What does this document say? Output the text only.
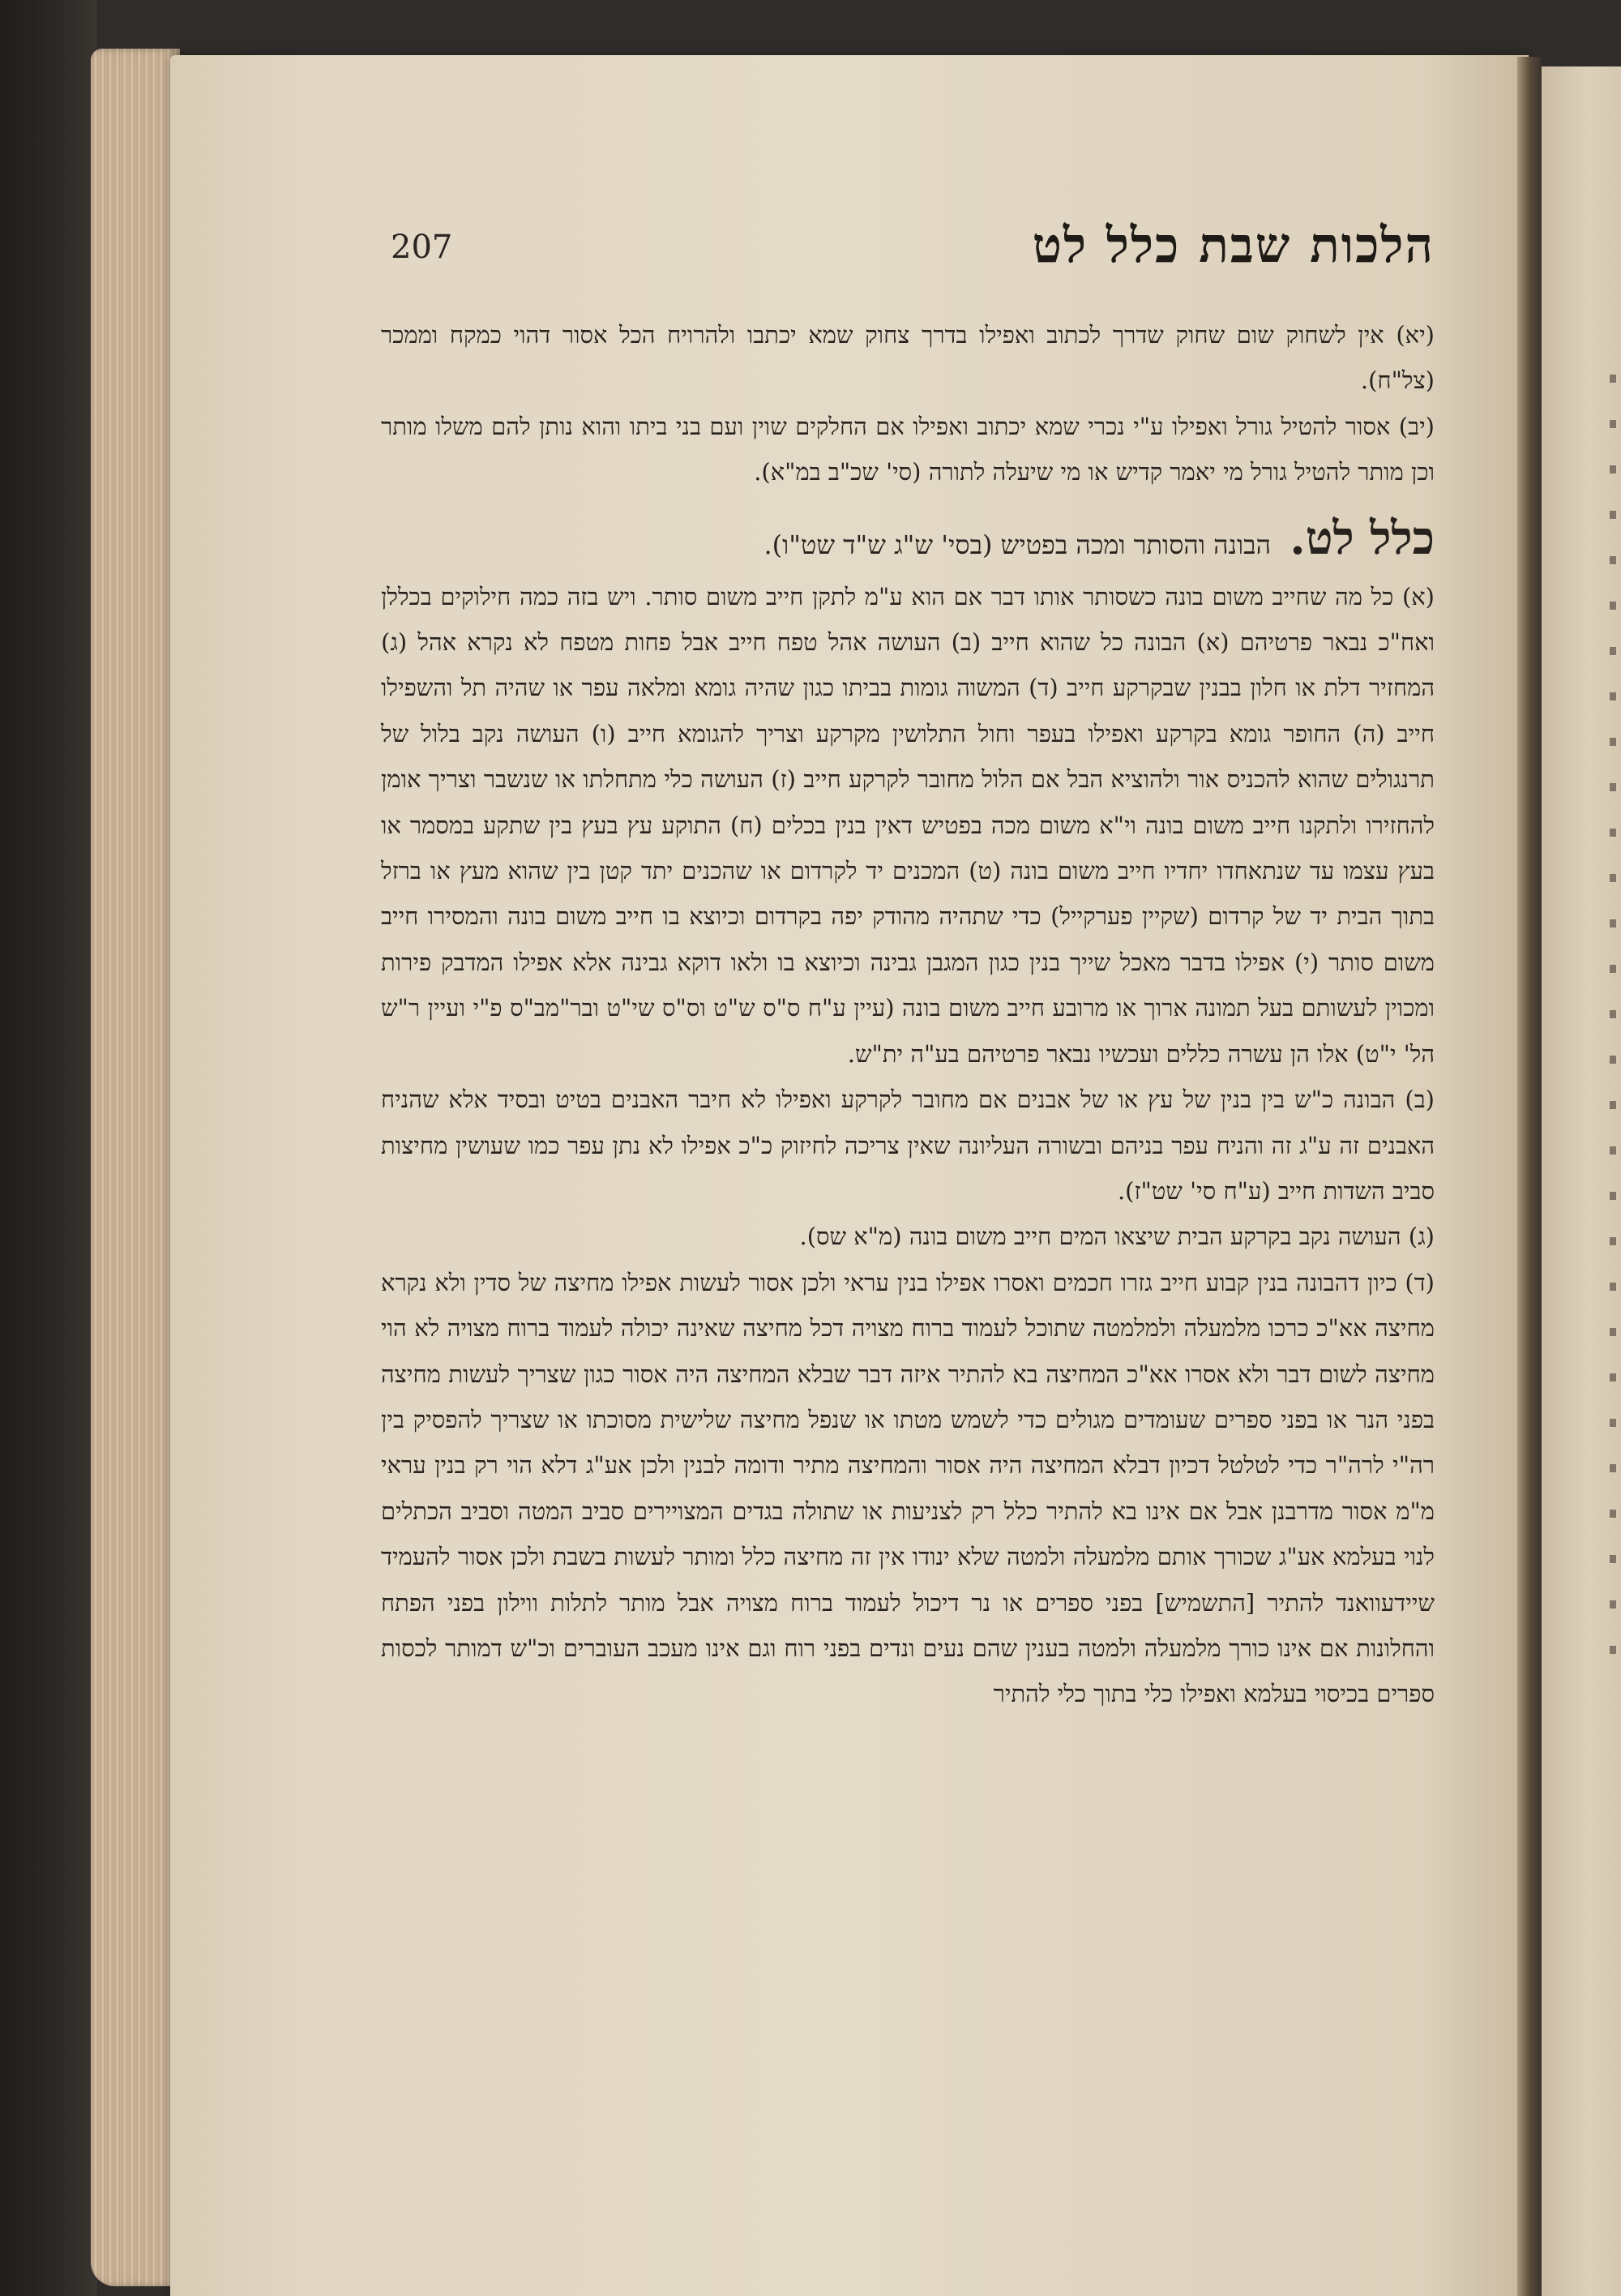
207	הלכות שבת כלל לט

(יא) אין לשחוק שום שחוק שדרך לכתוב ואפילו בדרך צחוק שמא יכתבו ולהרויח הכל אסור דהוי כמקח וממכר (צל"ח).

(יב) אסור להטיל גורל ואפילו ע"י נכרי שמא יכתוב ואפילו אם החלקים שוין ועם בני ביתו והוא נותן להם משלו מותר וכן מותר להטיל גורל מי יאמר קדיש או מי שיעלה לתורה (סי' שכ"ב במ"א).

כלל לט. הבונה והסותר ומכה בפטיש (בסי' ש"ג ש"ד שט"ו).

(א) כל מה שחייב משום בונה כשסותר אותו דבר אם הוא ע"מ לתקן חייב משום סותר. ויש בזה כמה חילוקים בכללן ואח"כ נבאר פרטיהם (א) הבונה כל שהוא חייב (ב) העושה אהל טפח חייב אבל פחות מטפח לא נקרא אהל (ג) המחזיר דלת או חלון בבנין שבקרקע חייב (ד) המשוה גומות בביתו כגון שהיה גומא ומלאה עפר או שהיה תל והשפילו חייב (ה) החופר גומא בקרקע ואפילו בעפר וחול התלושין מקרקע וצריך להגומא חייב (ו) העושה נקב בלול של תרנגולים שהוא להכניס אור ולהוציא הבל אם הלול מחובר לקרקע חייב (ז) העושה כלי מתחלתו או שנשבר וצריך אומן להחזירו ולתקנו חייב משום בונה וי"א משום מכה בפטיש דאין בנין בכלים (ח) התוקע עץ בעץ בין שתקע במסמר או בעץ עצמו עד שנתאחדו יחדיו חייב משום בונה (ט) המכנים יד לקרדום או שהכנים יתד קטן בין שהוא מעץ או ברזל בתוך הבית יד של קרדום (שקיין פערקייל) כדי שתהיה מהודק יפה בקרדום וכיוצא בו חייב משום בונה והמסירו חייב משום סותר (י) אפילו בדבר מאכל שייך בנין כגון המגבן גבינה וכיוצא בו ולאו דוקא גבינה אלא אפילו המדבק פירות ומכוין לעשותם בעל תמונה ארוך או מרובע חייב משום בונה (עיין ע"ח ס"ס ש"ט וס"ס שי"ט ובר"מב"ס פ"י ועיין ר"ש הל' י"ט) אלו הן עשרה כללים ועכשיו נבאר פרטיהם בע"ה ית"ש.

(ב) הבונה כ"ש בין בנין של עץ או של אבנים אם מחובר לקרקע ואפילו לא חיבר האבנים בטיט ובסיד אלא שהניח האבנים זה ע"ג זה והניח עפר בניהם ובשורה העליונה שאין צריכה לחיזוק כ"כ אפילו לא נתן עפר כמו שעושין מחיצות סביב השדות חייב (ע"ח סי' שט"ז).

(ג) העושה נקב בקרקע הבית שיצאו המים חייב משום בונה (מ"א שס).

(ד) כיון דהבונה בנין קבוע חייב גזרו חכמים ואסרו אפילו בנין עראי ולכן אסור לעשות אפילו מחיצה של סדין ולא נקרא מחיצה אא"כ כרכו מלמעלה ולמלמטה שתוכל לעמוד ברוח מצויה דכל מחיצה שאינה יכולה לעמוד ברוח מצויה לא הוי מחיצה לשום דבר ולא אסרו אא"כ המחיצה בא להתיר איזה דבר שבלא המחיצה היה אסור כגון שצריך לעשות מחיצה בפני הנר או בפני ספרים שעומדים מגולים כדי לשמש מטתו או שנפל מחיצה שלישית מסוכתו או שצריך להפסיק בין רה"י לרה"ר כדי לטלטל דכיון דבלא המחיצה היה אסור והמחיצה מתיר ודומה לבנין ולכן אע"ג דלא הוי רק בנין עראי מ"מ אסור מדרבנן אבל אם אינו בא להתיר כלל רק לצניעות או שתולה בגדים המצויירים סביב המטה וסביב הכתלים לנוי בעלמא אע"ג שכורך אותם מלמעלה ולמטה שלא ינודו אין זה מחיצה כלל ומותר לעשות בשבת ולכן אסור להעמיד שיידעוואנד להתיר [התשמיש] בפני ספרים או נר דיכול לעמוד ברוח מצויה אבל מותר לתלות ווילון בפני הפתח והחלונות אם אינו כורך מלמעלה ולמטה בענין שהם נעים ונדים בפני רוח וגם אינו מעכב העוברים וכ"ש דמותר לכסות ספרים בכיסוי בעלמא ואפילו כלי בתוך כלי להתיר
